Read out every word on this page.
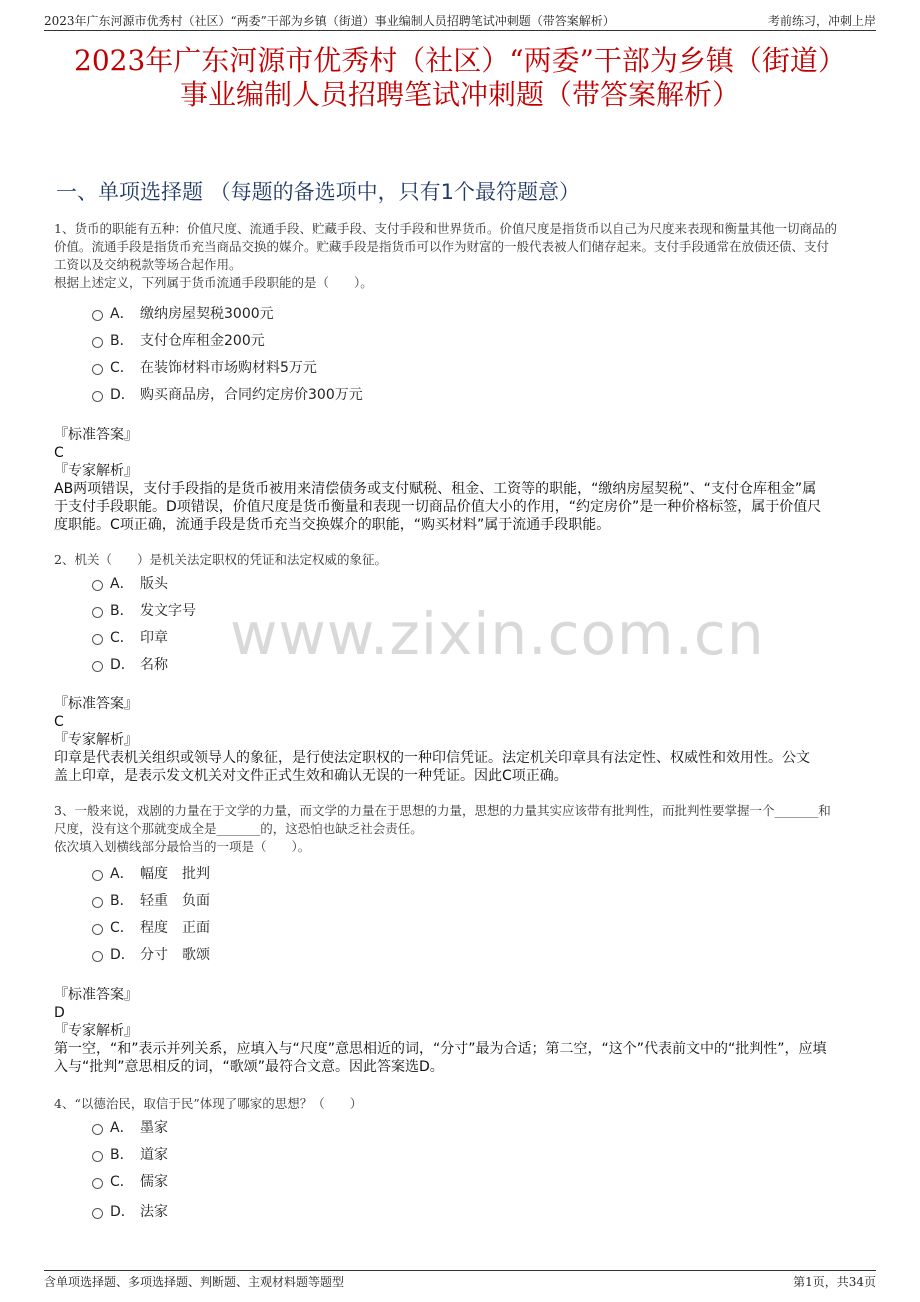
2023年广东河源市优秀村（社区）“两委”干部为乡镇（街道）事业编制人员招聘笔试冲刺题（带答案解析）	考前练习，冲刺上岸
2023年广东河源市优秀村（社区）“两委”干部为乡镇（街道）
事业编制人员招聘笔试冲刺题（带答案解析）
一、单项选择题 （每题的备选项中，只有1个最符题意）
www.zixin.com.cn
1、货币的职能有五种：价值尺度、流通手段、贮藏手段、支付手段和世界货币。价值尺度是指货币以自己为尺度来表现和衡量其他一切商品的
价值。流通手段是指货币充当商品交换的媒介。贮藏手段是指货币可以作为财富的一般代表被人们储存起来。支付手段通常在放债还债、支付
工资以及交纳税款等场合起作用。
根据上述定义，下列属于货币流通手段职能的是（　　）。
A． 缴纳房屋契税3000元
B． 支付仓库租金200元
C． 在装饰材料市场购材料5万元
D． 购买商品房，合同约定房价300万元
『标准答案』
C
『专家解析』
AB两项错误，支付手段指的是货币被用来清偿债务或支付赋税、租金、工资等的职能，“缴纳房屋契税”、“支付仓库租金”属
于支付手段职能。D项错误，价值尺度是货币衡量和表现一切商品价值大小的作用，“约定房价”是一种价格标签，属于价值尺
度职能。C项正确，流通手段是货币充当交换媒介的职能，“购买材料”属于流通手段职能。
2、机关（　　）是机关法定职权的凭证和法定权威的象征。
A． 版头
B． 发文字号
C． 印章
D． 名称
『标准答案』
C
『专家解析』
印章是代表机关组织或领导人的象征，是行使法定职权的一种印信凭证。法定机关印章具有法定性、权威性和效用性。公文
盖上印章，是表示发文机关对文件正式生效和确认无误的一种凭证。因此C项正确。
3、一般来说，戏剧的力量在于文学的力量，而文学的力量在于思想的力量，思想的力量其实应该带有批判性，而批判性要掌握一个_______和
尺度，没有这个那就变成全是_______的，这恐怕也缺乏社会责任。
依次填入划横线部分最恰当的一项是（　　）。
A． 幅度　批判
B． 轻重　负面
C． 程度　正面
D． 分寸　歌颂
『标准答案』
D
『专家解析』
第一空，“和”表示并列关系，应填入与“尺度”意思相近的词，“分寸”最为合适；第二空，“这个”代表前文中的“批判性”，应填
入与“批判”意思相反的词，“歌颂”最符合文意。因此答案选D。
4、“以德治民，取信于民”体现了哪家的思想？（　　）
A． 墨家
B． 道家
C． 儒家
D． 法家
含单项选择题、多项选择题、判断题、主观材料题等题型	第1页，共34页
